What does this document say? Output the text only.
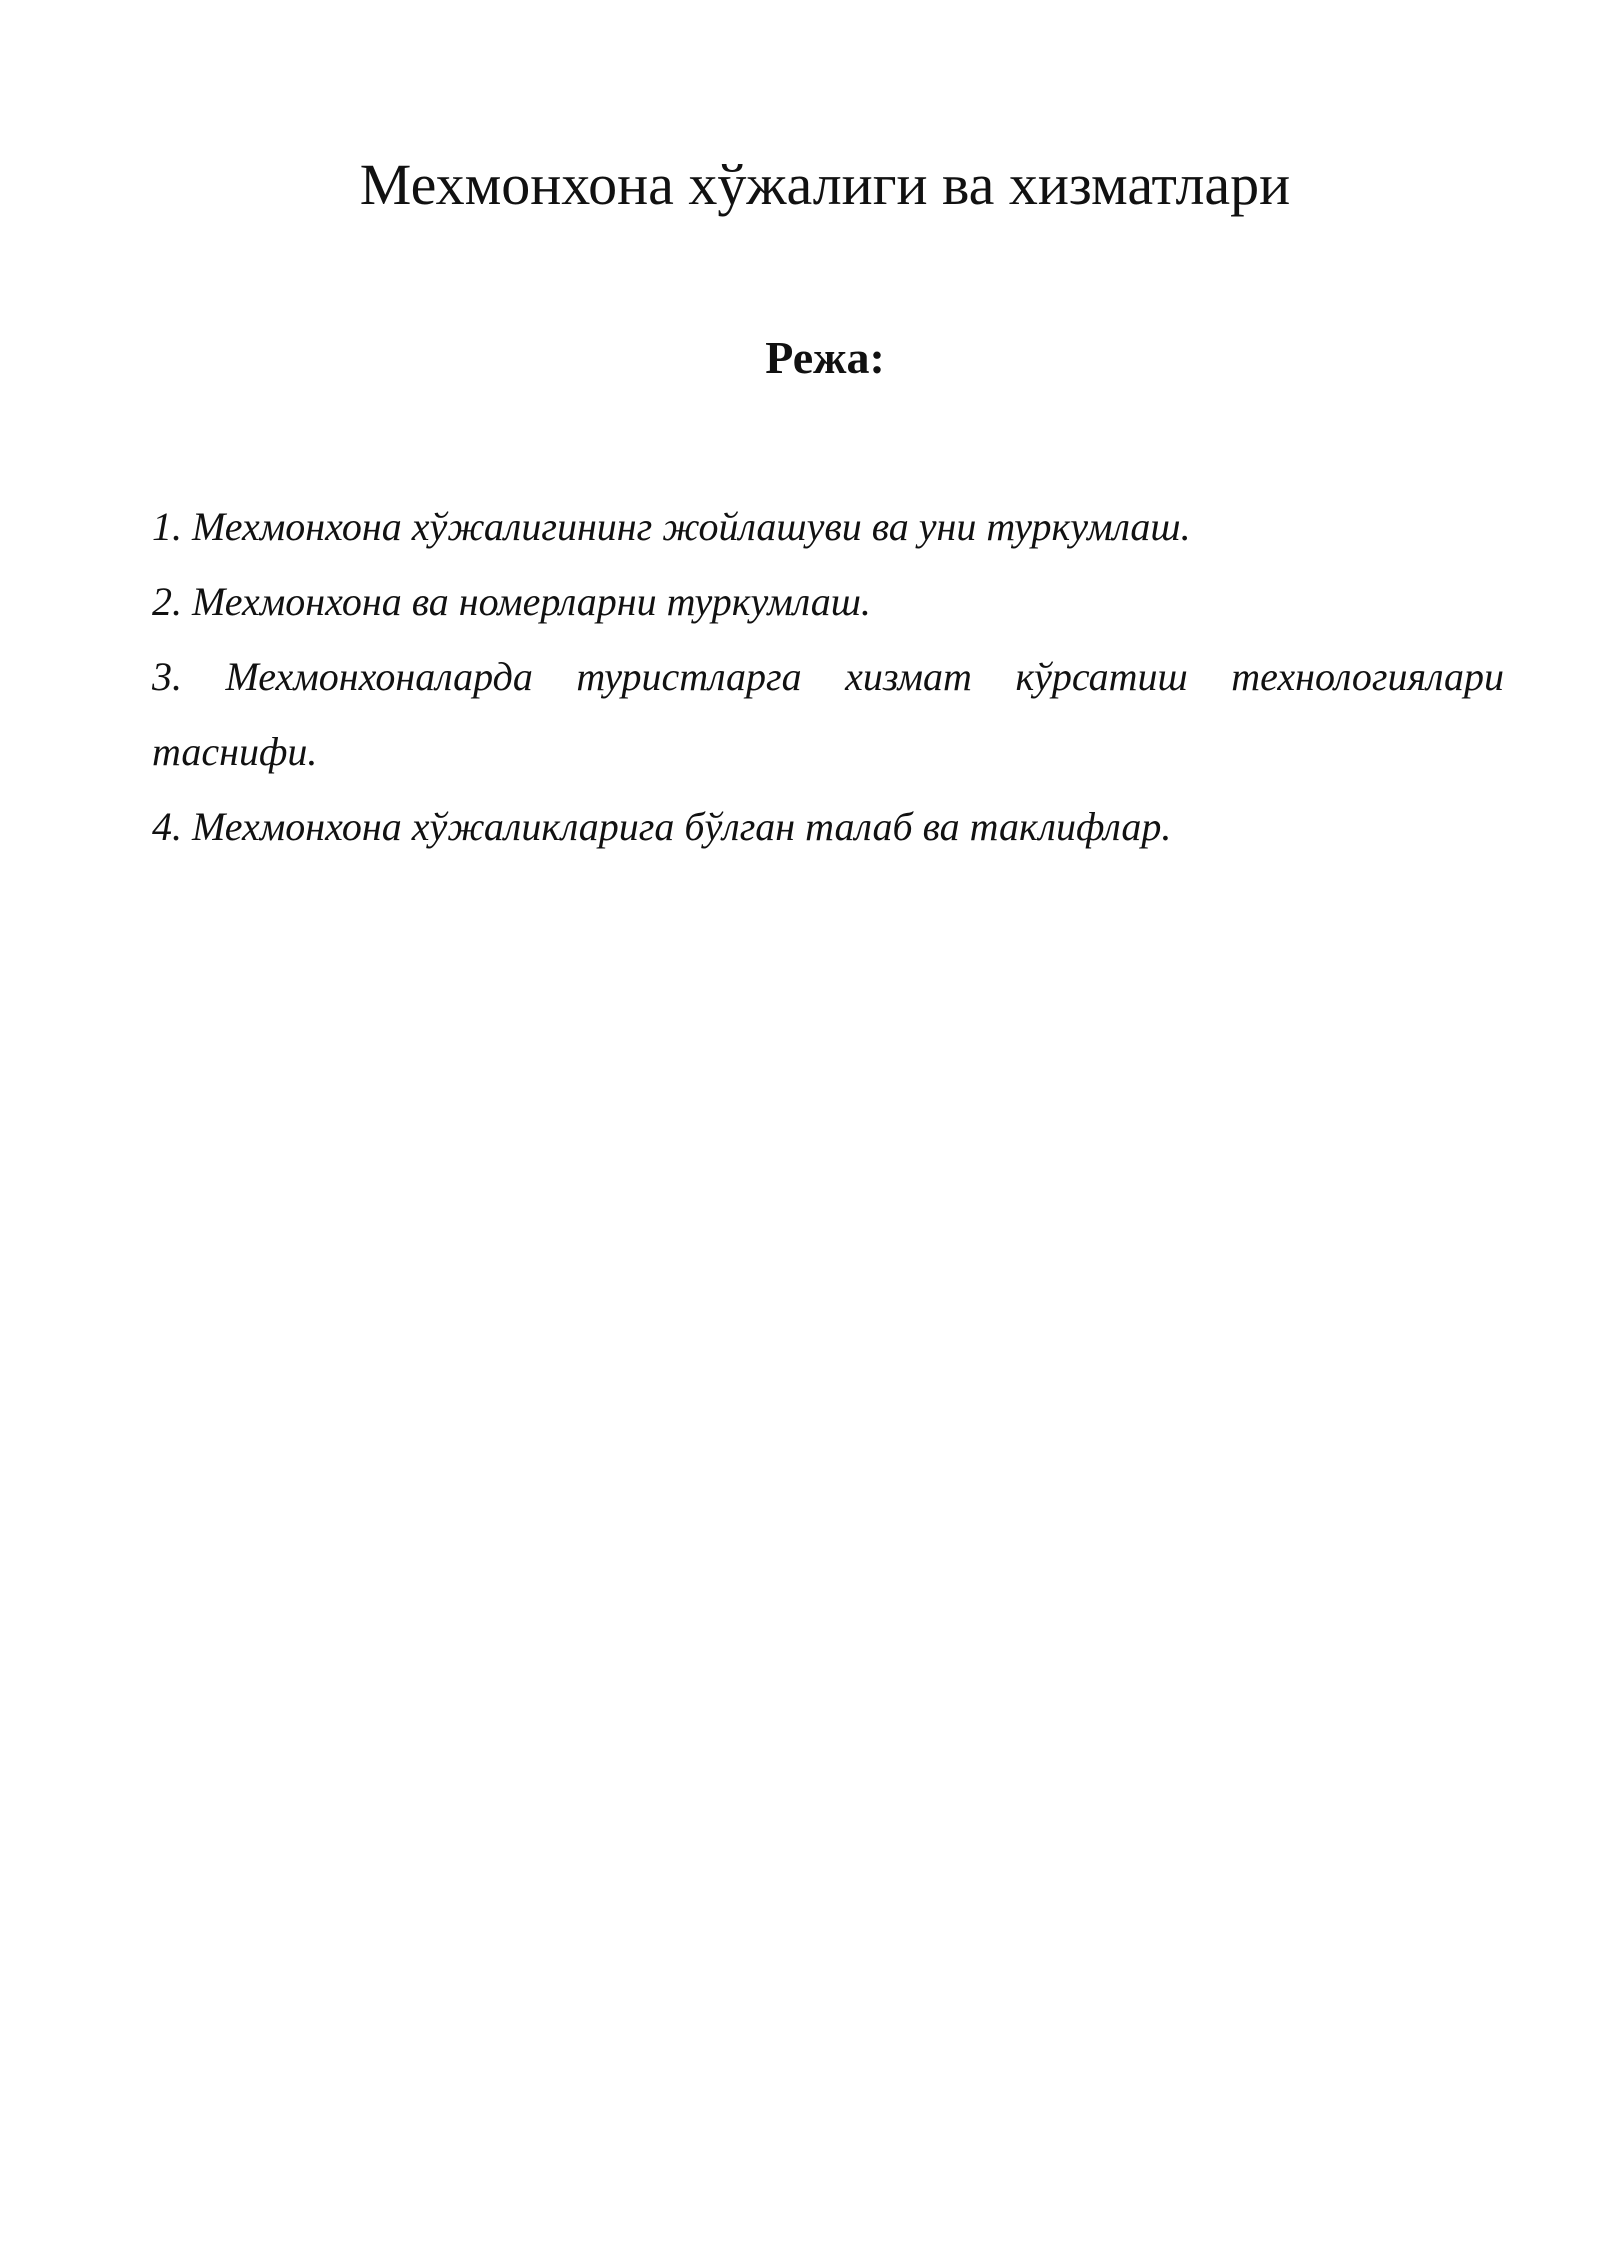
Мехмонхона хўжалиги ва хизматлари
Режа:
1. Мехмонхона хўжалигининг жойлашуви ва уни туркумлаш.
2. Мехмонхона ва номерларни туркумлаш.
3. Мехмонхоналарда туристларга хизмат кўрсатиш технологиялари таснифи.
4. Мехмонхона хўжаликларига бўлган талаб ва таклифлар.
